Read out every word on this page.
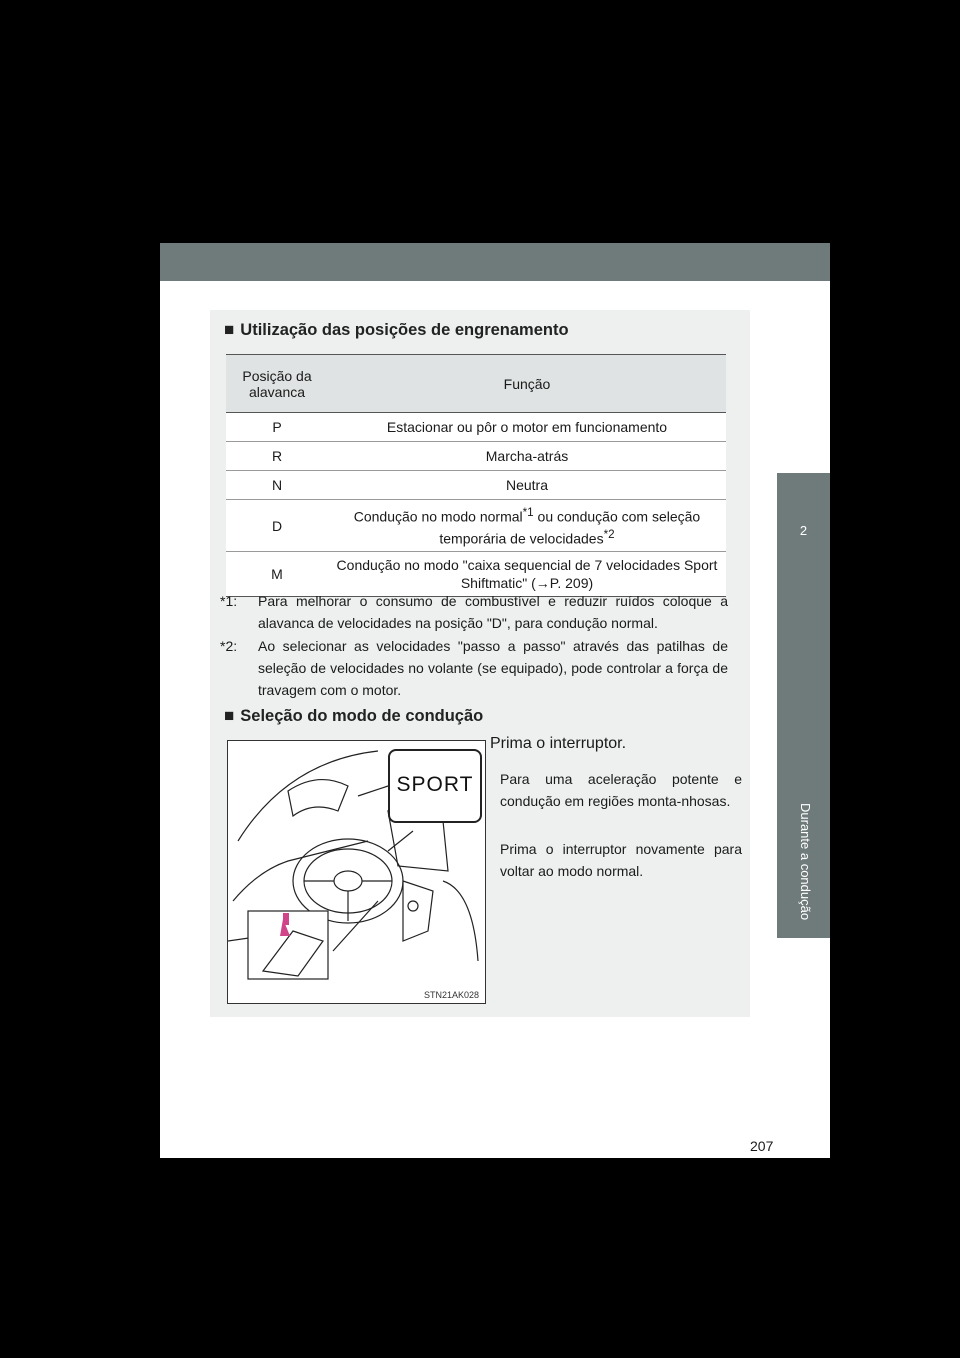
2
Durante a condução
■ Utilização das posições de engrenamento
Posição da alavanca	Função
P	Estacionar ou pôr o motor em funcionamento
R	Marcha-atrás
N	Neutra
D	Condução no modo normal$^{*1}$ ou condução com seleção temporária de velocidades$^{*2}$
M	Condução no modo "caixa sequencial de 7 velocidades Sport Shiftmatic" (→P. 209)
*1: Para melhorar o consumo de combustível e reduzir ruídos coloque a alavanca de velocidades na posição "D", para condução normal.
*2: Ao selecionar as velocidades "passo a passo" através das patilhas de seleção de velocidades no volante (se equipado), pode controlar a força de travagem com o motor.
■ Seleção do modo de condução
SPORT
STN21AK028
Prima o interruptor.
Para uma aceleração potente e condução em regiões monta-nhosas.
Prima o interruptor novamente para voltar ao modo normal.
207
